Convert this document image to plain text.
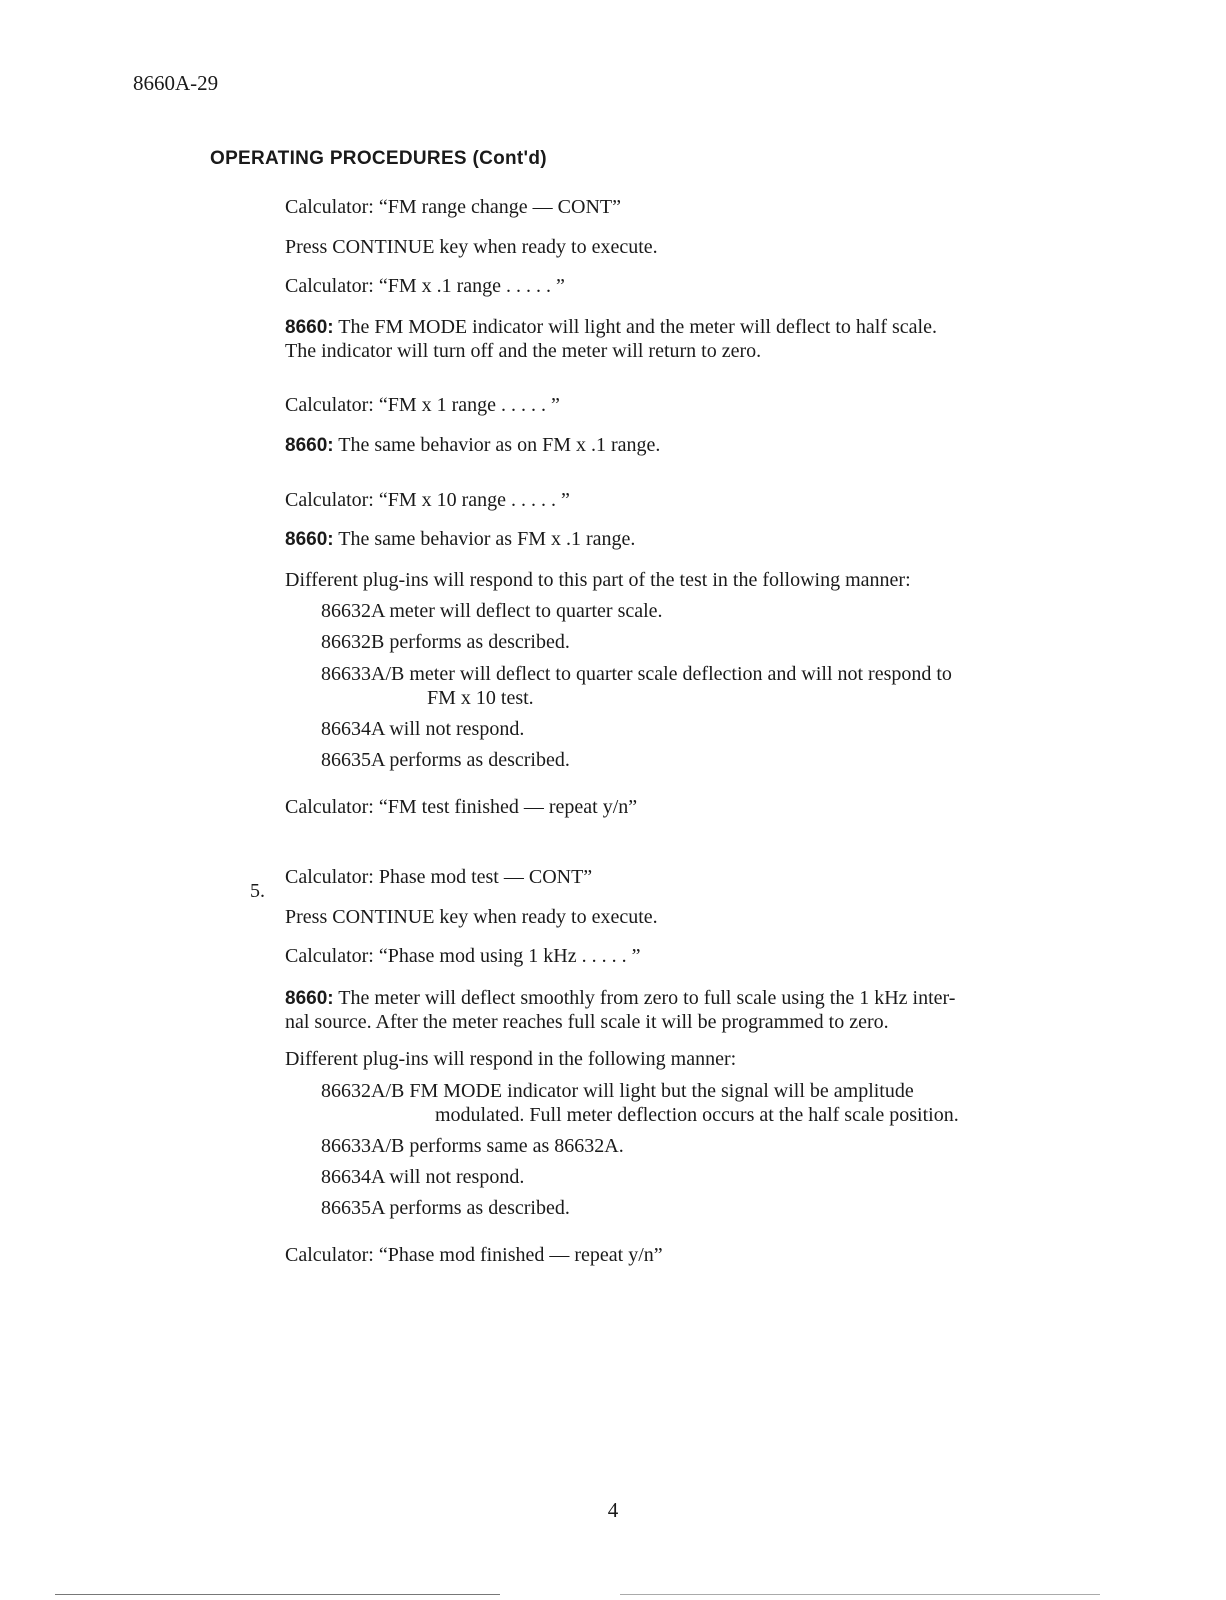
8660A-29
OPERATING PROCEDURES (Cont'd)
Calculator: “FM range change — CONT”
Press CONTINUE key when ready to execute.
Calculator: “FM x .1 range . . . . . ”
8660: The FM MODE indicator will light and the meter will deflect to half scale.
The indicator will turn off and the meter will return to zero.
Calculator: “FM x 1 range . . . . . ”
8660: The same behavior as on FM x .1 range.
Calculator: “FM x 10 range . . . . . ”
8660: The same behavior as FM x .1 range.
Different plug-ins will respond to this part of the test in the following manner:
86632A meter will deflect to quarter scale.
86632B performs as described.
86633A/B meter will deflect to quarter scale deflection and will not respond to
FM x 10 test.
86634A will not respond.
86635A performs as described.
Calculator: “FM test finished — repeat y/n”
5.
Calculator: Phase mod test — CONT”
Press CONTINUE key when ready to execute.
Calculator: “Phase mod using 1 kHz . . . . . ”
8660: The meter will deflect smoothly from zero to full scale using the 1 kHz inter-
nal source. After the meter reaches full scale it will be programmed to zero.
Different plug-ins will respond in the following manner:
86632A/B FM MODE indicator will light but the signal will be amplitude
modulated. Full meter deflection occurs at the half scale position.
86633A/B performs same as 86632A.
86634A will not respond.
86635A performs as described.
Calculator: “Phase mod finished — repeat y/n”
4
